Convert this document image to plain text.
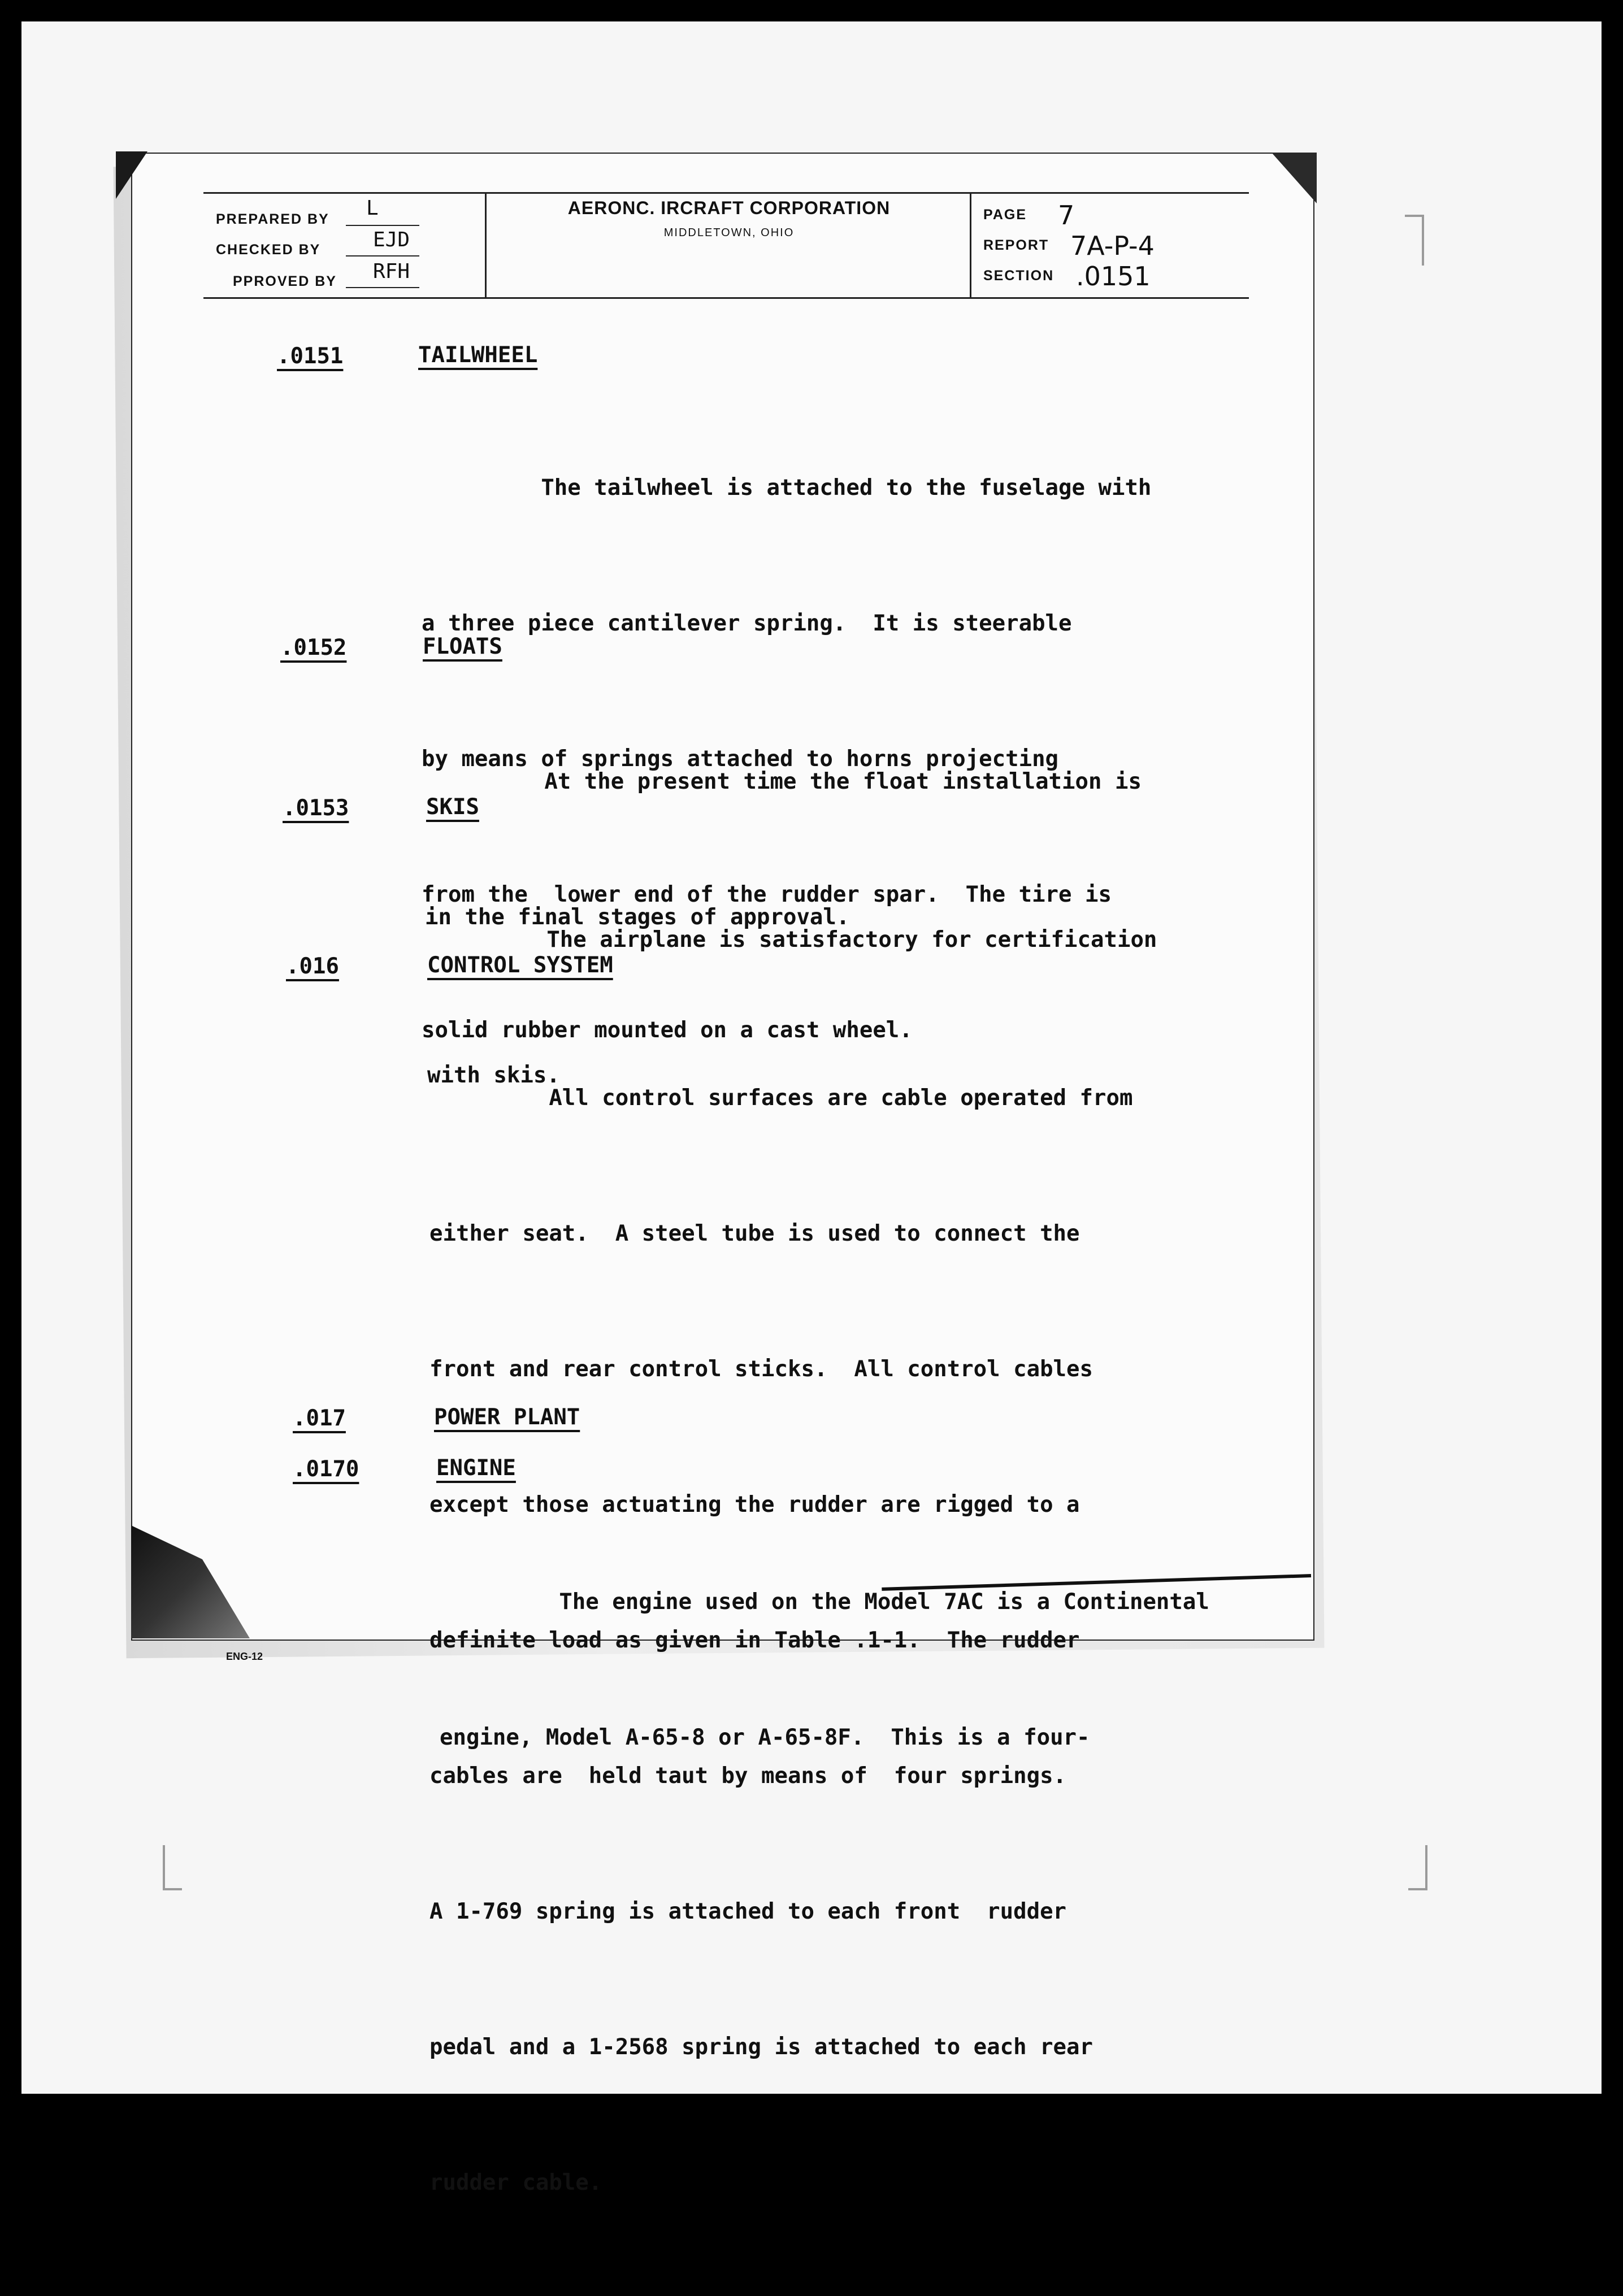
PREPARED BY L
CHECKED BY	EJD
PPROVED BY RFH
AERONC. IRCRAFT CORPORATION
MIDDLETOWN, OHIO
PAGE 7
REPORT 7A-P-4
SECTION .0151
.0151	TAILWHEEL

The tailwheel is attached to the fuselage with

a three piece cantilever spring.  It is steerable

by means of springs attached to horns projecting

from the  lower end of the rudder spar.  The tire is

solid rubber mounted on a cast wheel.

.0152	FLOATS

At the present time the float installation is

in the final stages of approval.

.0153	SKIS

The airplane is satisfactory for certification

with skis.

.016	CONTROL SYSTEM

All control surfaces are cable operated from

either seat.  A steel tube is used to connect the

front and rear control sticks.  All control cables

except those actuating the rudder are rigged to a

definite load as given in Table .1-1.  The rudder

cables are  held taut by means of  four springs.

A 1-769 spring is attached to each front  rudder

pedal and a 1-2568 spring is attached to each rear

rudder cable.

.017	POWER PLANT
.0170	ENGINE

The engine used on the Model 7AC is a Continental

engine, Model A-65-8 or A-65-8F.  This is a four-

ENG-12
